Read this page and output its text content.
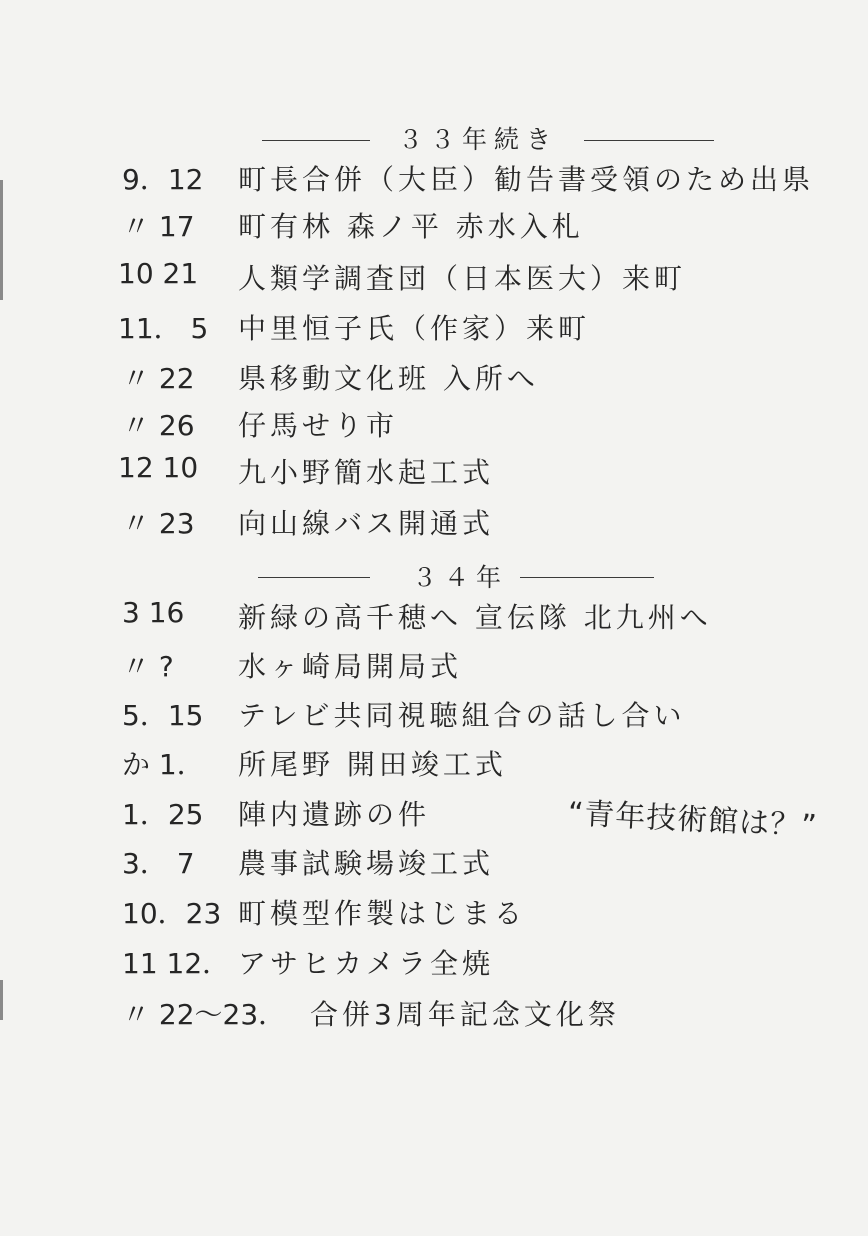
３３年続き
9．12 町長合併（大臣）勧告書受領のため出県
〃 17 町有林 森ノ平 赤水入札
10 21 人類学調査団（日本医大）来町
11． 5 中里恒子氏（作家）来町
〃 22 県移動文化班 入所へ
〃 26 仔馬せり市
12 10 九小野簡水起工式
〃 23 向山線バス開通式
３４年
3 16 新緑の高千穂へ 宣伝隊 北九州へ
〃 ? 水ヶ崎局開局式
5．15 テレビ共同視聴組合の話し合い
か 1． 所尾野 開田竣工式
1．25 陣内遺跡の件
3． 7 農事試験場竣工式
10．23 町模型作製はじまる
11 12． アサヒカメラ全焼
〃 22～23． 合併3周年記念文化祭
“青年技術館は？”
